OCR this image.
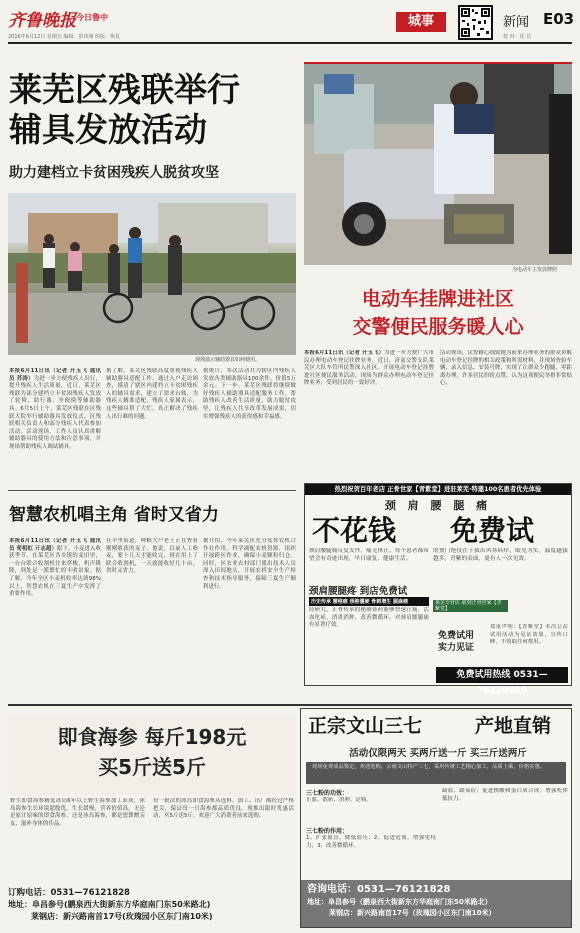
齐鲁晚报 今日鲁中
2016年6月12日 星期五 编辑：彭伟刚 组版：恢复
城事	新闻 E03
校 对：崔 昌
莱芜区残联举行
辅具发放活动
助力建档立卡贫困残疾人脱贫攻坚
现场演示辅助器具如何使用。
本报6月11日讯（记者 开玉飞 通讯员 苏涛）为进一步方便残疾人出行，提升残疾人生活质量，近日，莱芜区残联为部分建档立卡贫困残疾人发放了轮椅、助行器、坐便椅等辅助器具。6月5日上午，莱芜区残联在区残联大院举行辅助器具发放仪式，区残联相关负责人和部分残疾人代表参加活动。活动现场，工作人员认真讲解辅助器具的使用方法和注意事项，并现场帮助残疾人调试辅具。
据了解，莱芜区残联高度重视残疾人辅助器具适配工作，通过入户走访调查，摸清了辖区内建档立卡贫困残疾人的辅具需求，建立了需求台账，为残疾人精准适配。残疾人家属表示，这些辅具帮了大忙，真正解决了残疾人出行难的问题。
据统计，本次活动共为辖区内残疾人发放各类辅助器具100余件，价值5万余元。下一步，莱芜区残联将继续做好残疾人辅助器具适配服务工作，帮助残疾人改善生活质量，助力脱贫攻坚，让残疾人共享改革发展成果，切实增强残疾人的获得感和幸福感。
为电动车主发放牌照
电动车挂牌进社区
交警便民服务暖人心
本报6月11日讯（记者 开玉飞）为进一步方便广大市民办理电动车登记挂牌业务，近日，济南交警支队莱芜区大队车管所民警深入社区，开展电动车登记挂牌进社区便民服务活动，现场为群众办理电动车登记挂牌业务，受到居民的一致好评。
活动现场，民警耐心细致地为前来办理业务的群众讲解电动车登记挂牌的相关政策和所需材料，并现场查验车辆、录入信息、安装号牌，实现了让群众少跑腿、零距离办理。许多居民纷纷点赞，认为这项便民举措非常贴心。
智慧农机唱主角 省时又省力
本报6月11日讯（记者 开玉飞 通讯员 荀相虹 亓志超）眼下，小麦进入收获季节，在莱芜区各乡镇的麦田里，一台台联合收割机往来穿梭，机声隆隆，到处是一派繁忙的丰收景象。据了解，今年全区小麦机收率达到98%以上，智慧农机在三夏生产中发挥了重要作用。
在羊里街道，种粮大户老王正在查看刚刚收获的麦子。他说，以前人工收麦，要十几天才能收完，现在用上了联合收割机，一天就能收好几十亩，省时又省力。
据介绍，今年莱芜区充分发挥农机合作社作用，科学调配农机资源，组织开展跨区作业，确保小麦颗粒归仓。同时，区农业农村部门派出技术人员深入田间地头，开展农机安全生产检查和技术指导服务，保障三夏生产顺利进行。
热烈祝贺百年老店 正骨世家【青紫堂】进驻莱芜·特邀100名患者优先体验
颈 肩 腰 腿 痛
不花钱 免费试
颈肩腰腿痛反复发作，痛无休止。每个患者都希望会有奇迹出现，早日康复、健康生活。
的独门绝技在于拔出风寒病痒，眼见为实，温度越拔越多，青紫的表面，更有人一次见效。
颈肩腰腿疼 到店免费试
历史传承 腰椎痛 颈椎僵硬 骨刺增生 腿麻痛
经研究，正骨传承的秘制膏药能够快速止痛，活血化瘀，消炎消肿，改善微循环，对颈肩腰腿痛有显著疗效。
莱芜专营店 就到正骨世家【青紫堂】
免费试用
实力见证
郑重声明：【青紫堂】本次公益试用活动为见证效果，宣传口碑，不收取任何费用。
免费试用热线 0531—76120689
即食海参 每斤198元
买5斤送5斤
野生即食海参精选冰岛6年以上野生海参加工而成，冰岛海参生长环境超级优，生长缓慢，营养价值高。无论是原汁原味的即食海参，还是冰岛海参，都是您馈赠亲友、滋补身体的佳品。
每一批次的冰岛即食海参从选料、加工、出厂都经过严格把关，保证每一只海参都品质优良。现推出限时优惠活动，买5斤送5斤，欢迎广大消费者前来选购。
订购电话：0531—76121828
地址：阜昌参号(鹏泉西大街新东方华庭南门东50米路北)
莱钢店：新兴路南首17号(玫瑰园小区东门南10米)
正宗文山三七	产地直销
活动仅限两天 买两斤送一斤 买三斤送两斤
现场免费成品鉴定，欢迎选购。云南文山特产三七，采用传统工艺精心加工，品质上乘，价格实惠。
三七粉的功效：
止血、散瘀、消肿、定痛。
三七粉的作用：
1、扩张血管，降低血压；2、促进造血，增强免疫力；3、改善微循环。
缺血、缺氧症；促进核酸和蛋白质合成；增强机体抵抗力。
咨询电话：0531—76121828
地址：阜昌参号（鹏泉西大街新东方华庭南门东50米路北）
莱钢店：新兴路南首17号（玫瑰园小区东门南10米）
